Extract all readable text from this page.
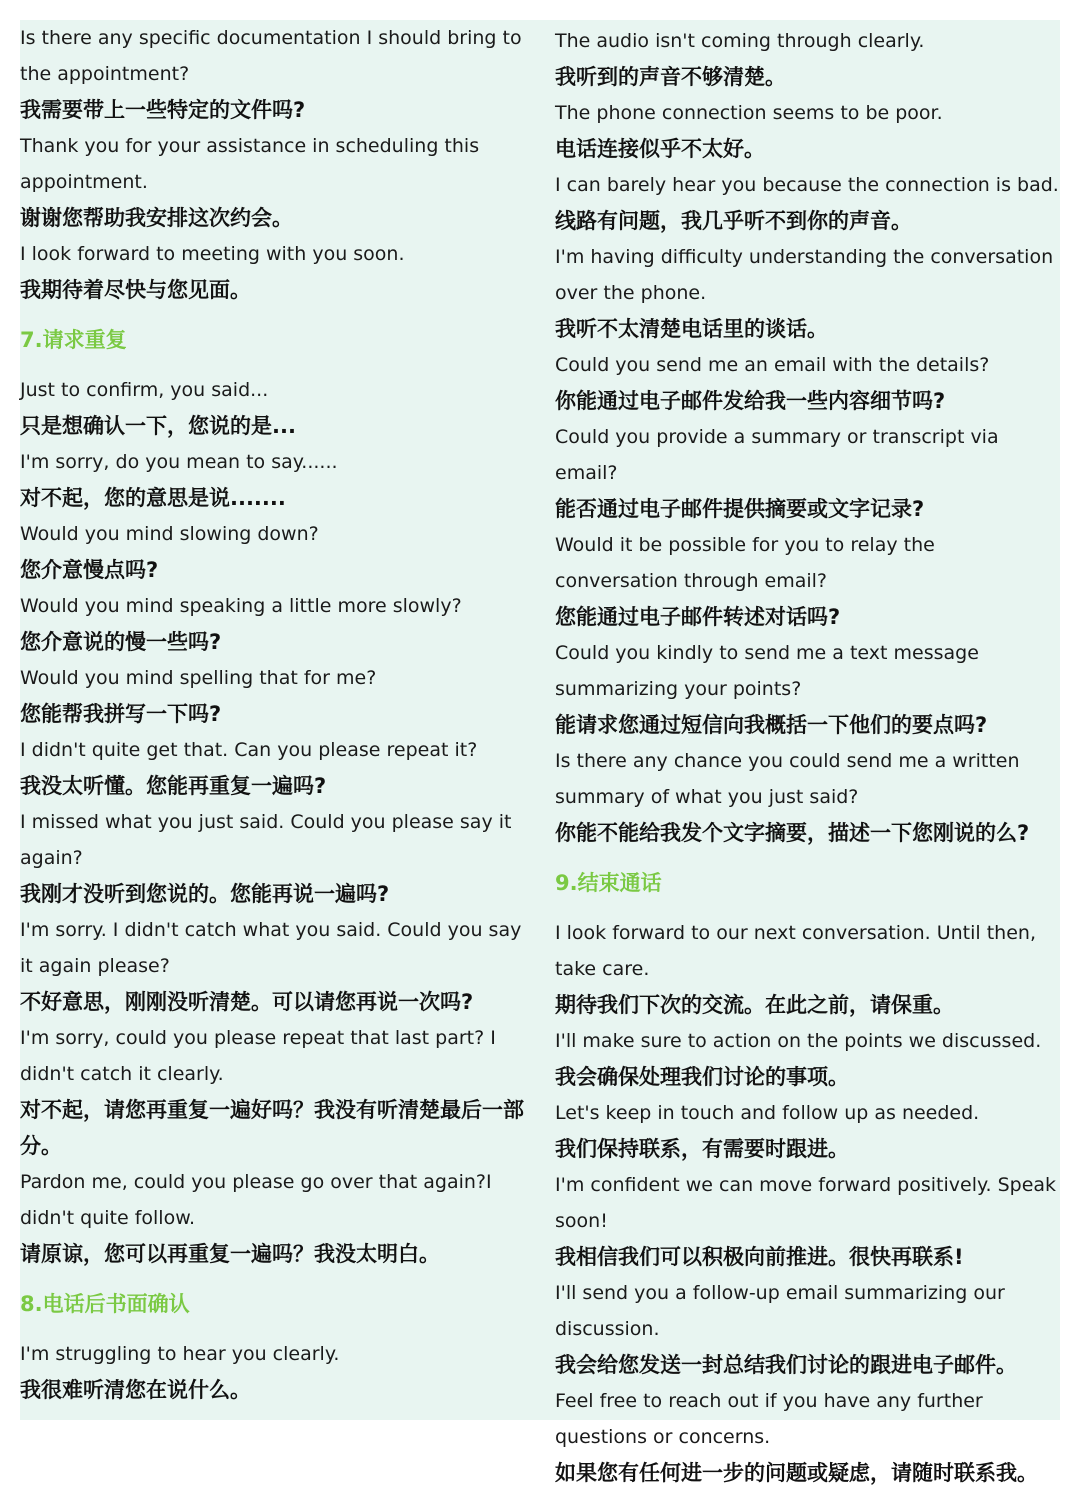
Is there any specific documentation I should bring to the appointment?
我需要带上一些特定的文件吗?
Thank you for your assistance in scheduling this appointment.
谢谢您帮助我安排这次约会。
I look forward to meeting with you soon.
我期待着尽快与您见面。
7.请求重复
Just to confirm, you said...
只是想确认一下，您说的是...
I'm sorry, do you mean to say......
对不起，您的意思是说.......
Would you mind slowing down?
您介意慢点吗?
Would you mind speaking a little more slowly?
您介意说的慢一些吗?
Would you mind spelling that for me?
您能帮我拼写一下吗?
I didn't quite get that. Can you please repeat it?
我没太听懂。您能再重复一遍吗?
I missed what you just said. Could you please say it again?
我刚才没听到您说的。您能再说一遍吗?
I'm sorry. I didn't catch what you said. Could you say it again please?
不好意思，刚刚没听清楚。可以请您再说一次吗?
I'm sorry, could you please repeat that last part? I didn't catch it clearly.
对不起，请您再重复一遍好吗？我没有听清楚最后一部分。
Pardon me, could you please go over that again?I didn't quite follow.
请原谅，您可以再重复一遍吗？我没太明白。
8.电话后书面确认
I'm struggling to hear you clearly.
我很难听清您在说什么。
The audio isn't coming through clearly.
我听到的声音不够清楚。
The phone connection seems to be poor.
电话连接似乎不太好。
I can barely hear you because the connection is bad.
线路有问题，我几乎听不到你的声音。
I'm having difficulty understanding the conversation over the phone.
我听不太清楚电话里的谈话。
Could you send me an email with the details?
你能通过电子邮件发给我一些内容细节吗?
Could you provide a summary or transcript via email?
能否通过电子邮件提供摘要或文字记录?
Would it be possible for you to relay the conversation through email?
您能通过电子邮件转述对话吗?
Could you kindly to send me a text message summarizing your points?
能请求您通过短信向我概括一下他们的要点吗?
Is there any chance you could send me a written summary of what you just said?
你能不能给我发个文字摘要，描述一下您刚说的么?
9.结束通话
I look forward to our next conversation. Until then, take care.
期待我们下次的交流。在此之前，请保重。
I'll make sure to action on the points we discussed.
我会确保处理我们讨论的事项。
Let's keep in touch and follow up as needed.
我们保持联系，有需要时跟进。
I'm confident we can move forward positively. Speak soon!
我相信我们可以积极向前推进。很快再联系!
I'll send you a follow-up email summarizing our discussion.
我会给您发送一封总结我们讨论的跟进电子邮件。
Feel free to reach out if you have any further questions or concerns.
如果您有任何进一步的问题或疑虑，请随时联系我。
